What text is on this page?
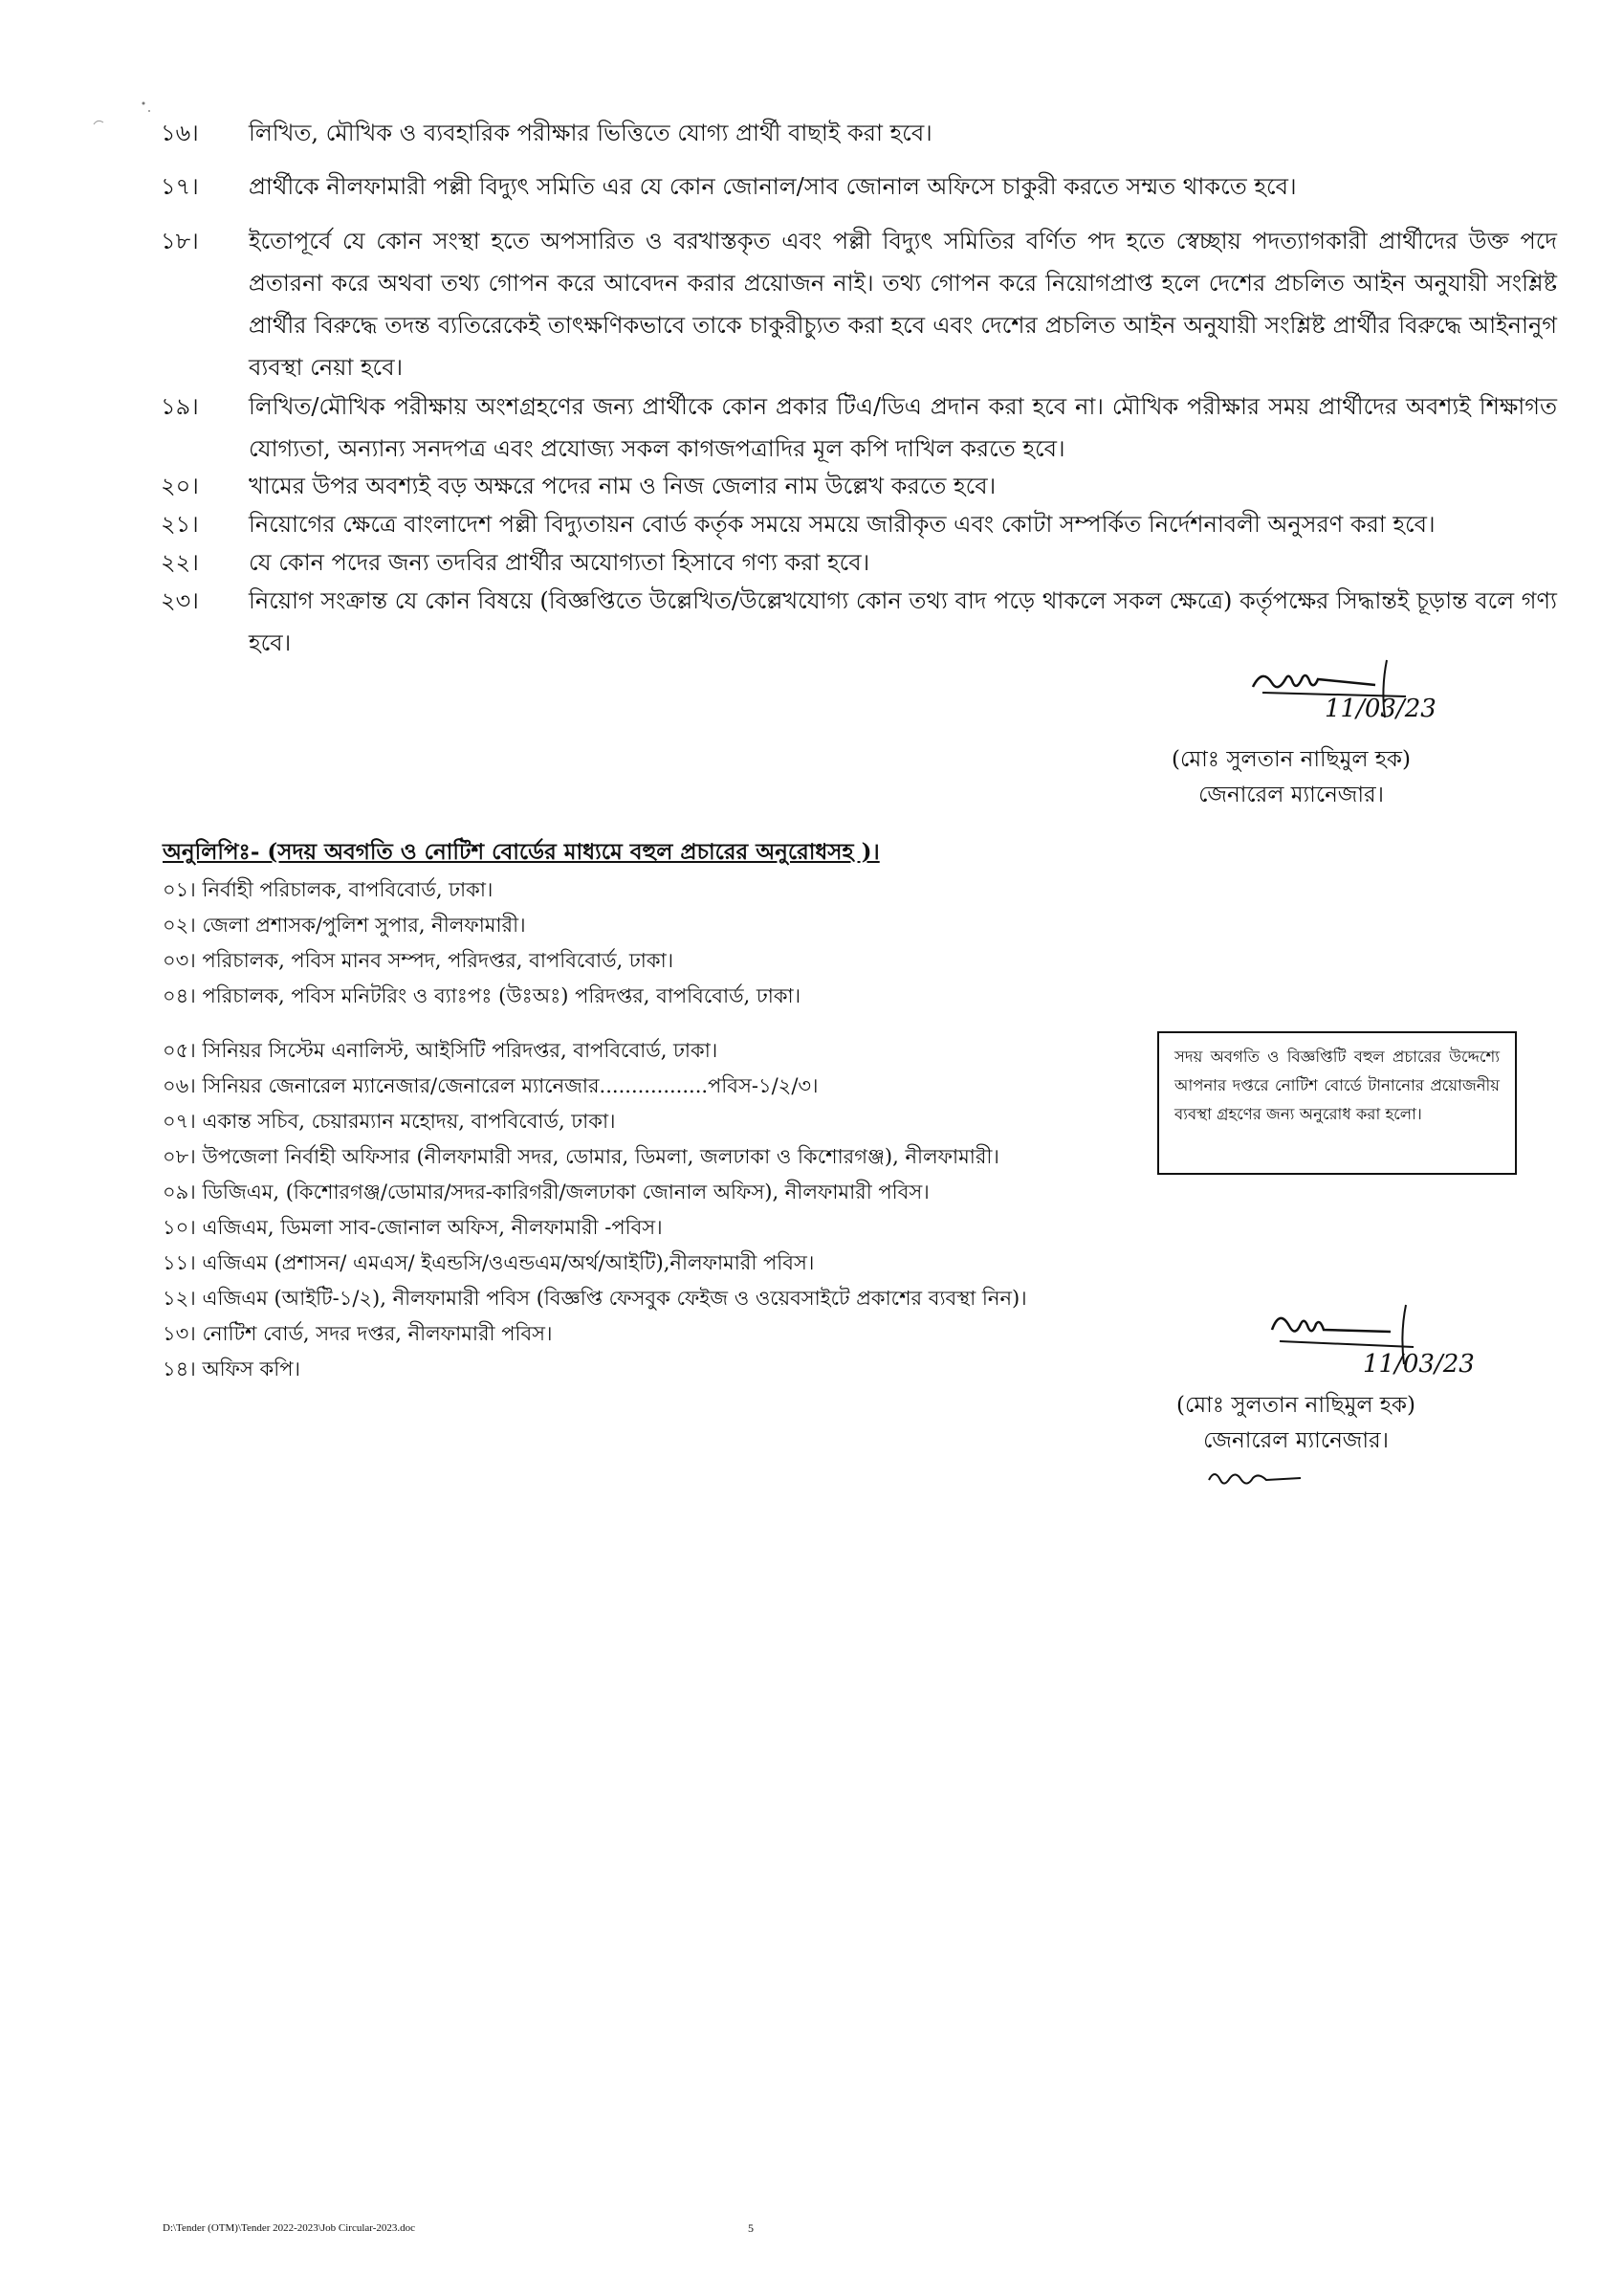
১৬।	লিখিত, মৌখিক ও ব্যবহারিক পরীক্ষার ভিত্তিতে যোগ্য প্রার্থী বাছাই করা হবে।
১৭।	প্রার্থীকে নীলফামারী পল্লী বিদ্যুৎ সমিতি এর যে কোন জোনাল/সাব জোনাল অফিসে চাকুরী করতে সম্মত থাকতে হবে।
১৮।	ইতোপূর্বে যে কোন সংস্থা হতে অপসারিত ও বরখাস্তকৃত এবং পল্লী বিদ্যুৎ সমিতির বর্ণিত পদ হতে স্বেচ্ছায় পদত্যাগকারী প্রার্থীদের উক্ত পদে প্রতারনা করে অথবা তথ্য গোপন করে আবেদন করার প্রয়োজন নাই। তথ্য গোপন করে নিয়োগপ্রাপ্ত হলে দেশের প্রচলিত আইন অনুযায়ী সংশ্লিষ্ট প্রার্থীর বিরুদ্ধে তদন্ত ব্যতিরেকেই তাৎক্ষণিকভাবে তাকে চাকুরীচ্যুত করা হবে এবং দেশের প্রচলিত আইন অনুযায়ী সংশ্লিষ্ট প্রার্থীর বিরুদ্ধে আইনানুগ ব্যবস্থা নেয়া হবে।
১৯।	লিখিত/মৌখিক পরীক্ষায় অংশগ্রহণের জন্য প্রার্থীকে কোন প্রকার টিএ/ডিএ প্রদান করা হবে না। মৌখিক পরীক্ষার সময় প্রার্থীদের অবশ্যই শিক্ষাগত যোগ্যতা, অন্যান্য সনদপত্র এবং প্রযোজ্য সকল কাগজপত্রাদির মূল কপি দাখিল করতে হবে।
২০।	খামের উপর অবশ্যই বড় অক্ষরে পদের নাম ও নিজ জেলার নাম উল্লেখ করতে হবে।
২১।	নিয়োগের ক্ষেত্রে বাংলাদেশ পল্লী বিদ্যুতায়ন বোর্ড কর্তৃক সময়ে সময়ে জারীকৃত এবং কোটা সম্পর্কিত নির্দেশনাবলী অনুসরণ করা হবে।
২২।	যে কোন পদের জন্য তদবির প্রার্থীর অযোগ্যতা হিসাবে গণ্য করা হবে।
২৩।	নিয়োগ সংক্রান্ত যে কোন বিষয়ে (বিজ্ঞপ্তিতে উল্লেখিত/উল্লেখযোগ্য কোন তথ্য বাদ পড়ে থাকলে সকল ক্ষেত্রে) কর্তৃপক্ষের সিদ্ধান্তই চূড়ান্ত বলে গণ্য হবে।
11/03/23
(মোঃ সুলতান নাছিমুল হক)
জেনারেল ম্যানেজার।
অনুলিপিঃ- (সদয় অবগতি ও নোটিশ বোর্ডের মাধ্যমে বহুল প্রচারের অনুরোধসহ )।
০১। নির্বাহী পরিচালক, বাপবিবোর্ড, ঢাকা।
০২। জেলা প্রশাসক/পুলিশ সুপার, নীলফামারী।
০৩। পরিচালক, পবিস মানব সম্পদ, পরিদপ্তর, বাপবিবোর্ড, ঢাকা।
০৪। পরিচালক, পবিস মনিটরিং ও ব্যাঃপঃ (উঃঅঃ) পরিদপ্তর, বাপবিবোর্ড, ঢাকা।
০৫। সিনিয়র সিস্টেম এনালিস্ট, আইসিটি পরিদপ্তর, বাপবিবোর্ড, ঢাকা।
০৬। সিনিয়র জেনারেল ম্যানেজার/জেনারেল ম্যানেজার.................পবিস-১/২/৩।
০৭। একান্ত সচিব, চেয়ারম্যান মহোদয়, বাপবিবোর্ড, ঢাকা।
০৮। উপজেলা নির্বাহী অফিসার (নীলফামারী সদর, ডোমার, ডিমলা, জলঢাকা ও কিশোরগঞ্জ), নীলফামারী।
০৯। ডিজিএম, (কিশোরগঞ্জ/ডোমার/সদর-কারিগরী/জলঢাকা জোনাল অফিস), নীলফামারী পবিস।
১০। এজিএম, ডিমলা সাব-জোনাল অফিস, নীলফামারী -পবিস।
১১। এজিএম (প্রশাসন/ এমএস/ ইএন্ডসি/ওএন্ডএম/অর্থ/আইটি),নীলফামারী পবিস।
১২। এজিএম (আইটি-১/২), নীলফামারী পবিস (বিজ্ঞপ্তি ফেসবুক ফেইজ ও ওয়েবসাইটে প্রকাশের ব্যবস্থা নিন)।
১৩। নোটিশ বোর্ড, সদর দপ্তর, নীলফামারী পবিস।
১৪। অফিস কপি।
সদয় অবগতি ও বিজ্ঞপ্তিটি বহুল প্রচারের উদ্দেশ্যে আপনার দপ্তরে নোটিশ বোর্ডে টানানোর প্রয়োজনীয় ব্যবস্থা গ্রহণের জন্য অনুরোধ করা হলো।
11/03/23
(মোঃ সুলতান নাছিমুল হক)
জেনারেল ম্যানেজার।
D:\Tender (OTM)\Tender 2022-2023\Job Circular-2023.doc	5
